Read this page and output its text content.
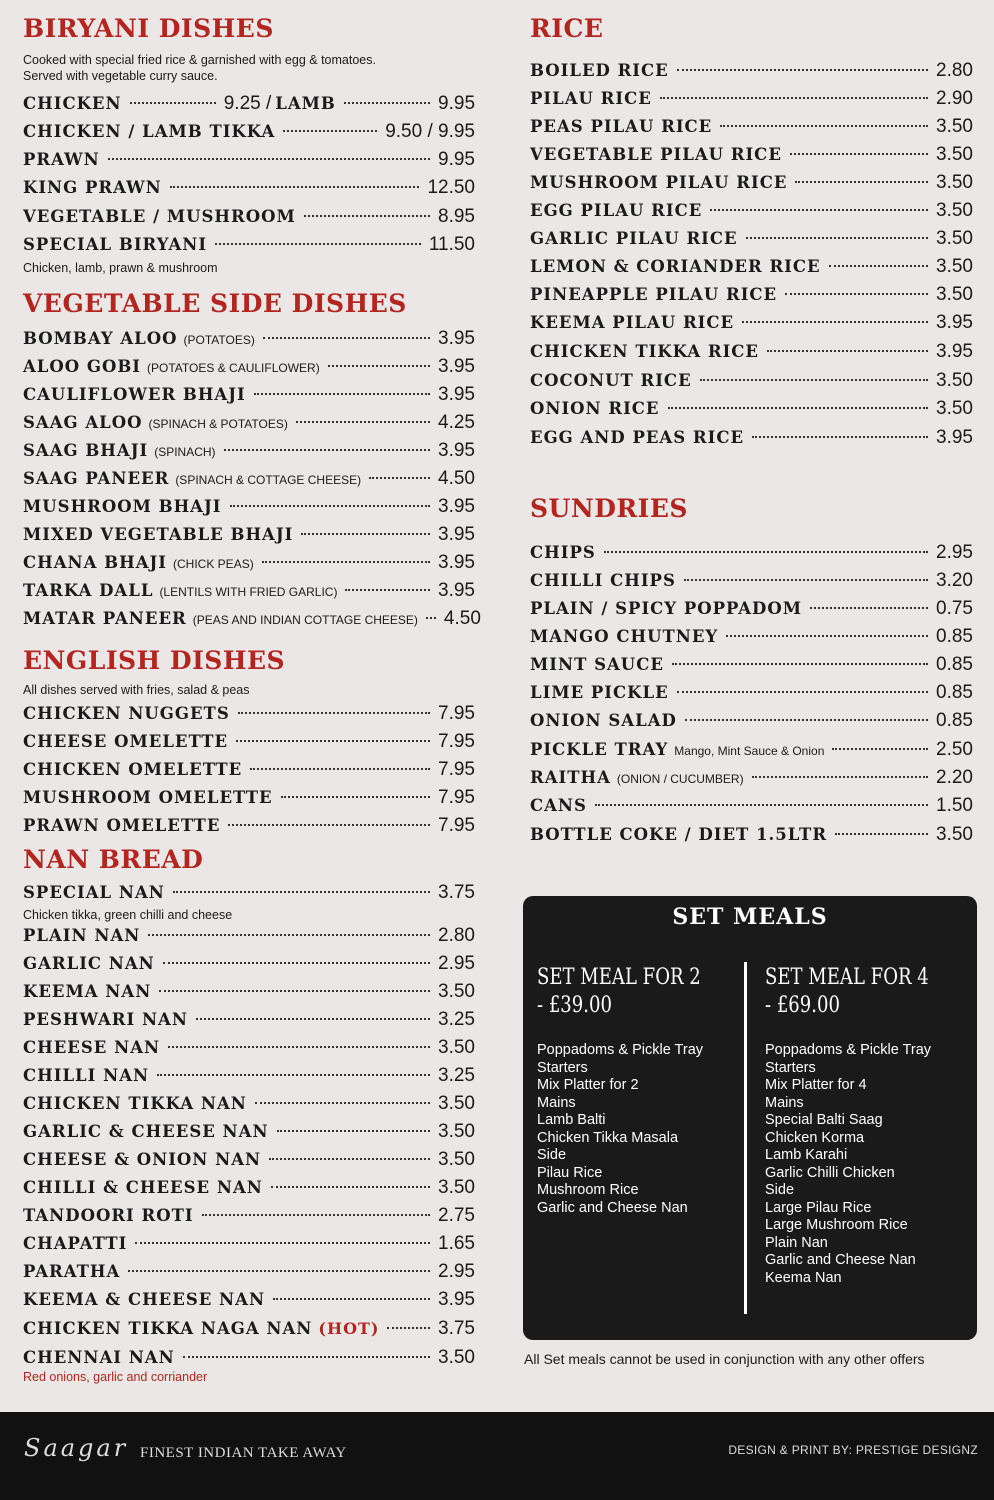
BIRYANI DISHES
Cooked with special fried rice & garnished with egg & tomatoes.
Served with vegetable curry sauce.
CHICKEN	9.25 / LAMB	9.95
CHICKEN / LAMB TIKKA	9.50 / 9.95
PRAWN	9.95
KING PRAWN	12.50
VEGETABLE / MUSHROOM	8.95
SPECIAL BIRYANI	11.50
Chicken, lamb, prawn & mushroom
VEGETABLE SIDE DISHES
BOMBAY ALOO (POTATOES)	3.95
ALOO GOBI (POTATOES & CAULIFLOWER)	3.95
CAULIFLOWER BHAJI	3.95
SAAG ALOO (SPINACH & POTATOES)	4.25
SAAG BHAJI (SPINACH)	3.95
SAAG PANEER (SPINACH & COTTAGE CHEESE)	4.50
MUSHROOM BHAJI	3.95
MIXED VEGETABLE BHAJI	3.95
CHANA BHAJI (CHICK PEAS)	3.95
TARKA DALL (LENTILS WITH FRIED GARLIC)	3.95
MATAR PANEER (PEAS AND INDIAN COTTAGE CHEESE) 4.50
ENGLISH DISHES
All dishes served with fries, salad & peas
CHICKEN NUGGETS	7.95
CHEESE OMELETTE	7.95
CHICKEN OMELETTE	7.95
MUSHROOM OMELETTE	7.95
PRAWN OMELETTE	7.95
NAN BREAD
SPECIAL NAN	3.75
Chicken tikka, green chilli and cheese
PLAIN NAN	2.80
GARLIC NAN	2.95
KEEMA NAN	3.50
PESHWARI NAN	3.25
CHEESE NAN	3.50
CHILLI NAN	3.25
CHICKEN TIKKA NAN	3.50
GARLIC & CHEESE NAN	3.50
CHEESE & ONION NAN	3.50
CHILLI & CHEESE NAN	3.50
TANDOORI ROTI	2.75
CHAPATTI	1.65
PARATHA	2.95
KEEMA & CHEESE NAN	3.95
CHICKEN TIKKA NAGA NAN (HOT)	3.75
CHENNAI NAN	3.50
Red onions, garlic and corriander
RICE
BOILED RICE	2.80
PILAU RICE	2.90
PEAS PILAU RICE	3.50
VEGETABLE PILAU RICE	3.50
MUSHROOM PILAU RICE	3.50
EGG PILAU RICE	3.50
GARLIC PILAU RICE	3.50
LEMON & CORIANDER RICE	3.50
PINEAPPLE PILAU RICE	3.50
KEEMA PILAU RICE	3.95
CHICKEN TIKKA RICE	3.95
COCONUT RICE	3.50
ONION RICE	3.50
EGG AND PEAS RICE	3.95
SUNDRIES
CHIPS	2.95
CHILLI CHIPS	3.20
PLAIN / SPICY POPPADOM	0.75
MANGO CHUTNEY	0.85
MINT SAUCE	0.85
LIME PICKLE	0.85
ONION SALAD	0.85
PICKLE TRAY Mango, Mint Sauce & Onion	2.50
RAITHA (ONION / CUCUMBER)	2.20
CANS	1.50
BOTTLE COKE / DIET 1.5LTR	3.50
SET MEALS
SET MEAL FOR 2
- £39.00
Poppadoms & Pickle Tray
Starters
Mix Platter for 2
Mains
Lamb Balti
Chicken Tikka Masala
Side
Pilau Rice
Mushroom Rice
Garlic and Cheese Nan
SET MEAL FOR 4
- £69.00
Poppadoms & Pickle Tray
Starters
Mix Platter for 4
Mains
Special Balti Saag
Chicken Korma
Lamb Karahi
Garlic Chilli Chicken
Side
Large Pilau Rice
Large Mushroom Rice
Plain Nan
Garlic and Cheese Nan
Keema Nan
All Set meals cannot be used in conjunction with any other offers
Saagar FINEST INDIAN TAKE AWAY	DESIGN & PRINT BY: PRESTIGE DESIGNZ
